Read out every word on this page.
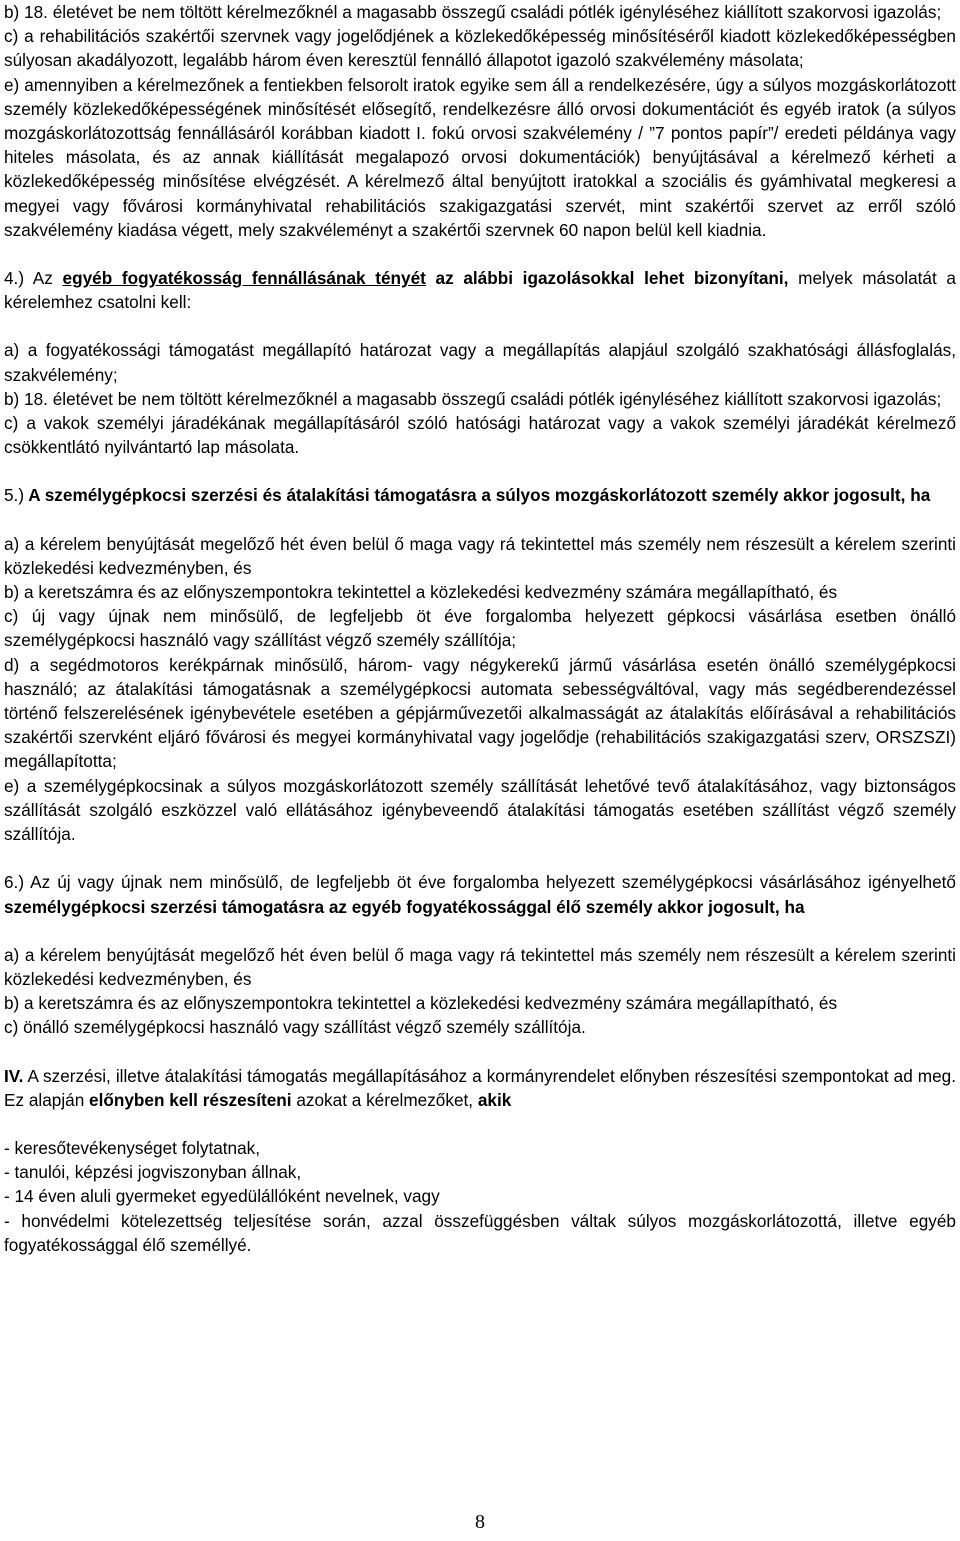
b) 18. életévet be nem töltött kérelmezőknél a magasabb összegű családi pótlék igényléséhez kiállított szakorvosi igazolás;

c) a rehabilitációs szakértői szervnek vagy jogelődjének a közlekedőképesség minősítéséről kiadott közlekedőképességben súlyosan akadályozott, legalább három éven keresztül fennálló állapotot igazoló szakvélemény másolata;

e) amennyiben a kérelmezőnek a fentiekben felsorolt iratok egyike sem áll a rendelkezésére, úgy a súlyos mozgáskorlátozott személy közlekedőképességének minősítését elősegítő, rendelkezésre álló orvosi dokumentációt és egyéb iratok (a súlyos mozgáskorlátozottság fennállásáról korábban kiadott I. fokú orvosi szakvélemény / ”7 pontos papír”/ eredeti példánya vagy hiteles másolata, és az annak kiállítását megalapozó orvosi dokumentációk) benyújtásával a kérelmező kérheti a közlekedőképesség minősítése elvégzését. A kérelmező által benyújtott iratokkal a szociális és gyámhivatal megkeresi a megyei vagy fővárosi kormányhivatal rehabilitációs szakigazgatási szervét, mint szakértői szervet az erről szóló szakvélemény kiadása végett, mely szakvéleményt a szakértői szervnek 60 napon belül kell kiadnia.

4.) Az egyéb fogyatékosság fennállásának tényét az alábbi igazolásokkal lehet bizonyítani, melyek másolatát a kérelemhez csatolni kell:

a) a fogyatékossági támogatást megállapító határozat vagy a megállapítás alapjául szolgáló szakhatósági állásfoglalás, szakvélemény;

b) 18. életévet be nem töltött kérelmezőknél a magasabb összegű családi pótlék igényléséhez kiállított szakorvosi igazolás;

c) a vakok személyi járadékának megállapításáról szóló hatósági határozat vagy a vakok személyi járadékát kérelmező csökkentlátó nyilvántartó lap másolata.

5.) A személygépkocsi szerzési és átalakítási támogatásra a súlyos mozgáskorlátozott személy akkor jogosult, ha

a) a kérelem benyújtását megelőző hét éven belül ő maga vagy rá tekintettel más személy nem részesült a kérelem szerinti közlekedési kedvezményben, és

b) a keretszámra és az előnyszempontokra tekintettel a közlekedési kedvezmény számára megállapítható, és

c) új vagy újnak nem minősülő, de legfeljebb öt éve forgalomba helyezett gépkocsi vásárlása esetben önálló személygépkocsi használó vagy szállítást végző személy szállítója;

d) a segédmotoros kerékpárnak minősülő, három- vagy négykerekű jármű vásárlása esetén önálló személygépkocsi használó; az átalakítási támogatásnak a személygépkocsi automata sebességváltóval, vagy más segédberendezéssel történő felszerelésének igénybevétele esetében a gépjárművezetői alkalmasságát az átalakítás előírásával a rehabilitációs szakértői szervként eljáró fővárosi és megyei kormányhivatal vagy jogelődje (rehabilitációs szakigazgatási szerv, ORSZSZI) megállapította;

e) a személygépkocsinak a súlyos mozgáskorlátozott személy szállítását lehetővé tevő átalakításához, vagy biztonságos szállítását szolgáló eszközzel való ellátásához igénybeveendő átalakítási támogatás esetében szállítást végző személy szállítója.

6.) Az új vagy újnak nem minősülő, de legfeljebb öt éve forgalomba helyezett személygépkocsi vásárlásához igényelhető személygépkocsi szerzési támogatásra az egyéb fogyatékossággal élő személy akkor jogosult, ha

a) a kérelem benyújtását megelőző hét éven belül ő maga vagy rá tekintettel más személy nem részesült a kérelem szerinti közlekedési kedvezményben, és

b) a keretszámra és az előnyszempontokra tekintettel a közlekedési kedvezmény számára megállapítható, és

c) önálló személygépkocsi használó vagy szállítást végző személy szállítója.

IV. A szerzési, illetve átalakítási támogatás megállapításához a kormányrendelet előnyben részesítési szempontokat ad meg. Ez alapján előnyben kell részesíteni azokat a kérelmezőket, akik

- keresőtevékenységet folytatnak,

- tanulói, képzési jogviszonyban állnak,

- 14 éven aluli gyermeket egyedülállóként nevelnek, vagy

- honvédelmi kötelezettség teljesítése során, azzal összefüggésben váltak súlyos mozgáskorlátozottá, illetve egyéb fogyatékossággal élő személlyé.

8
